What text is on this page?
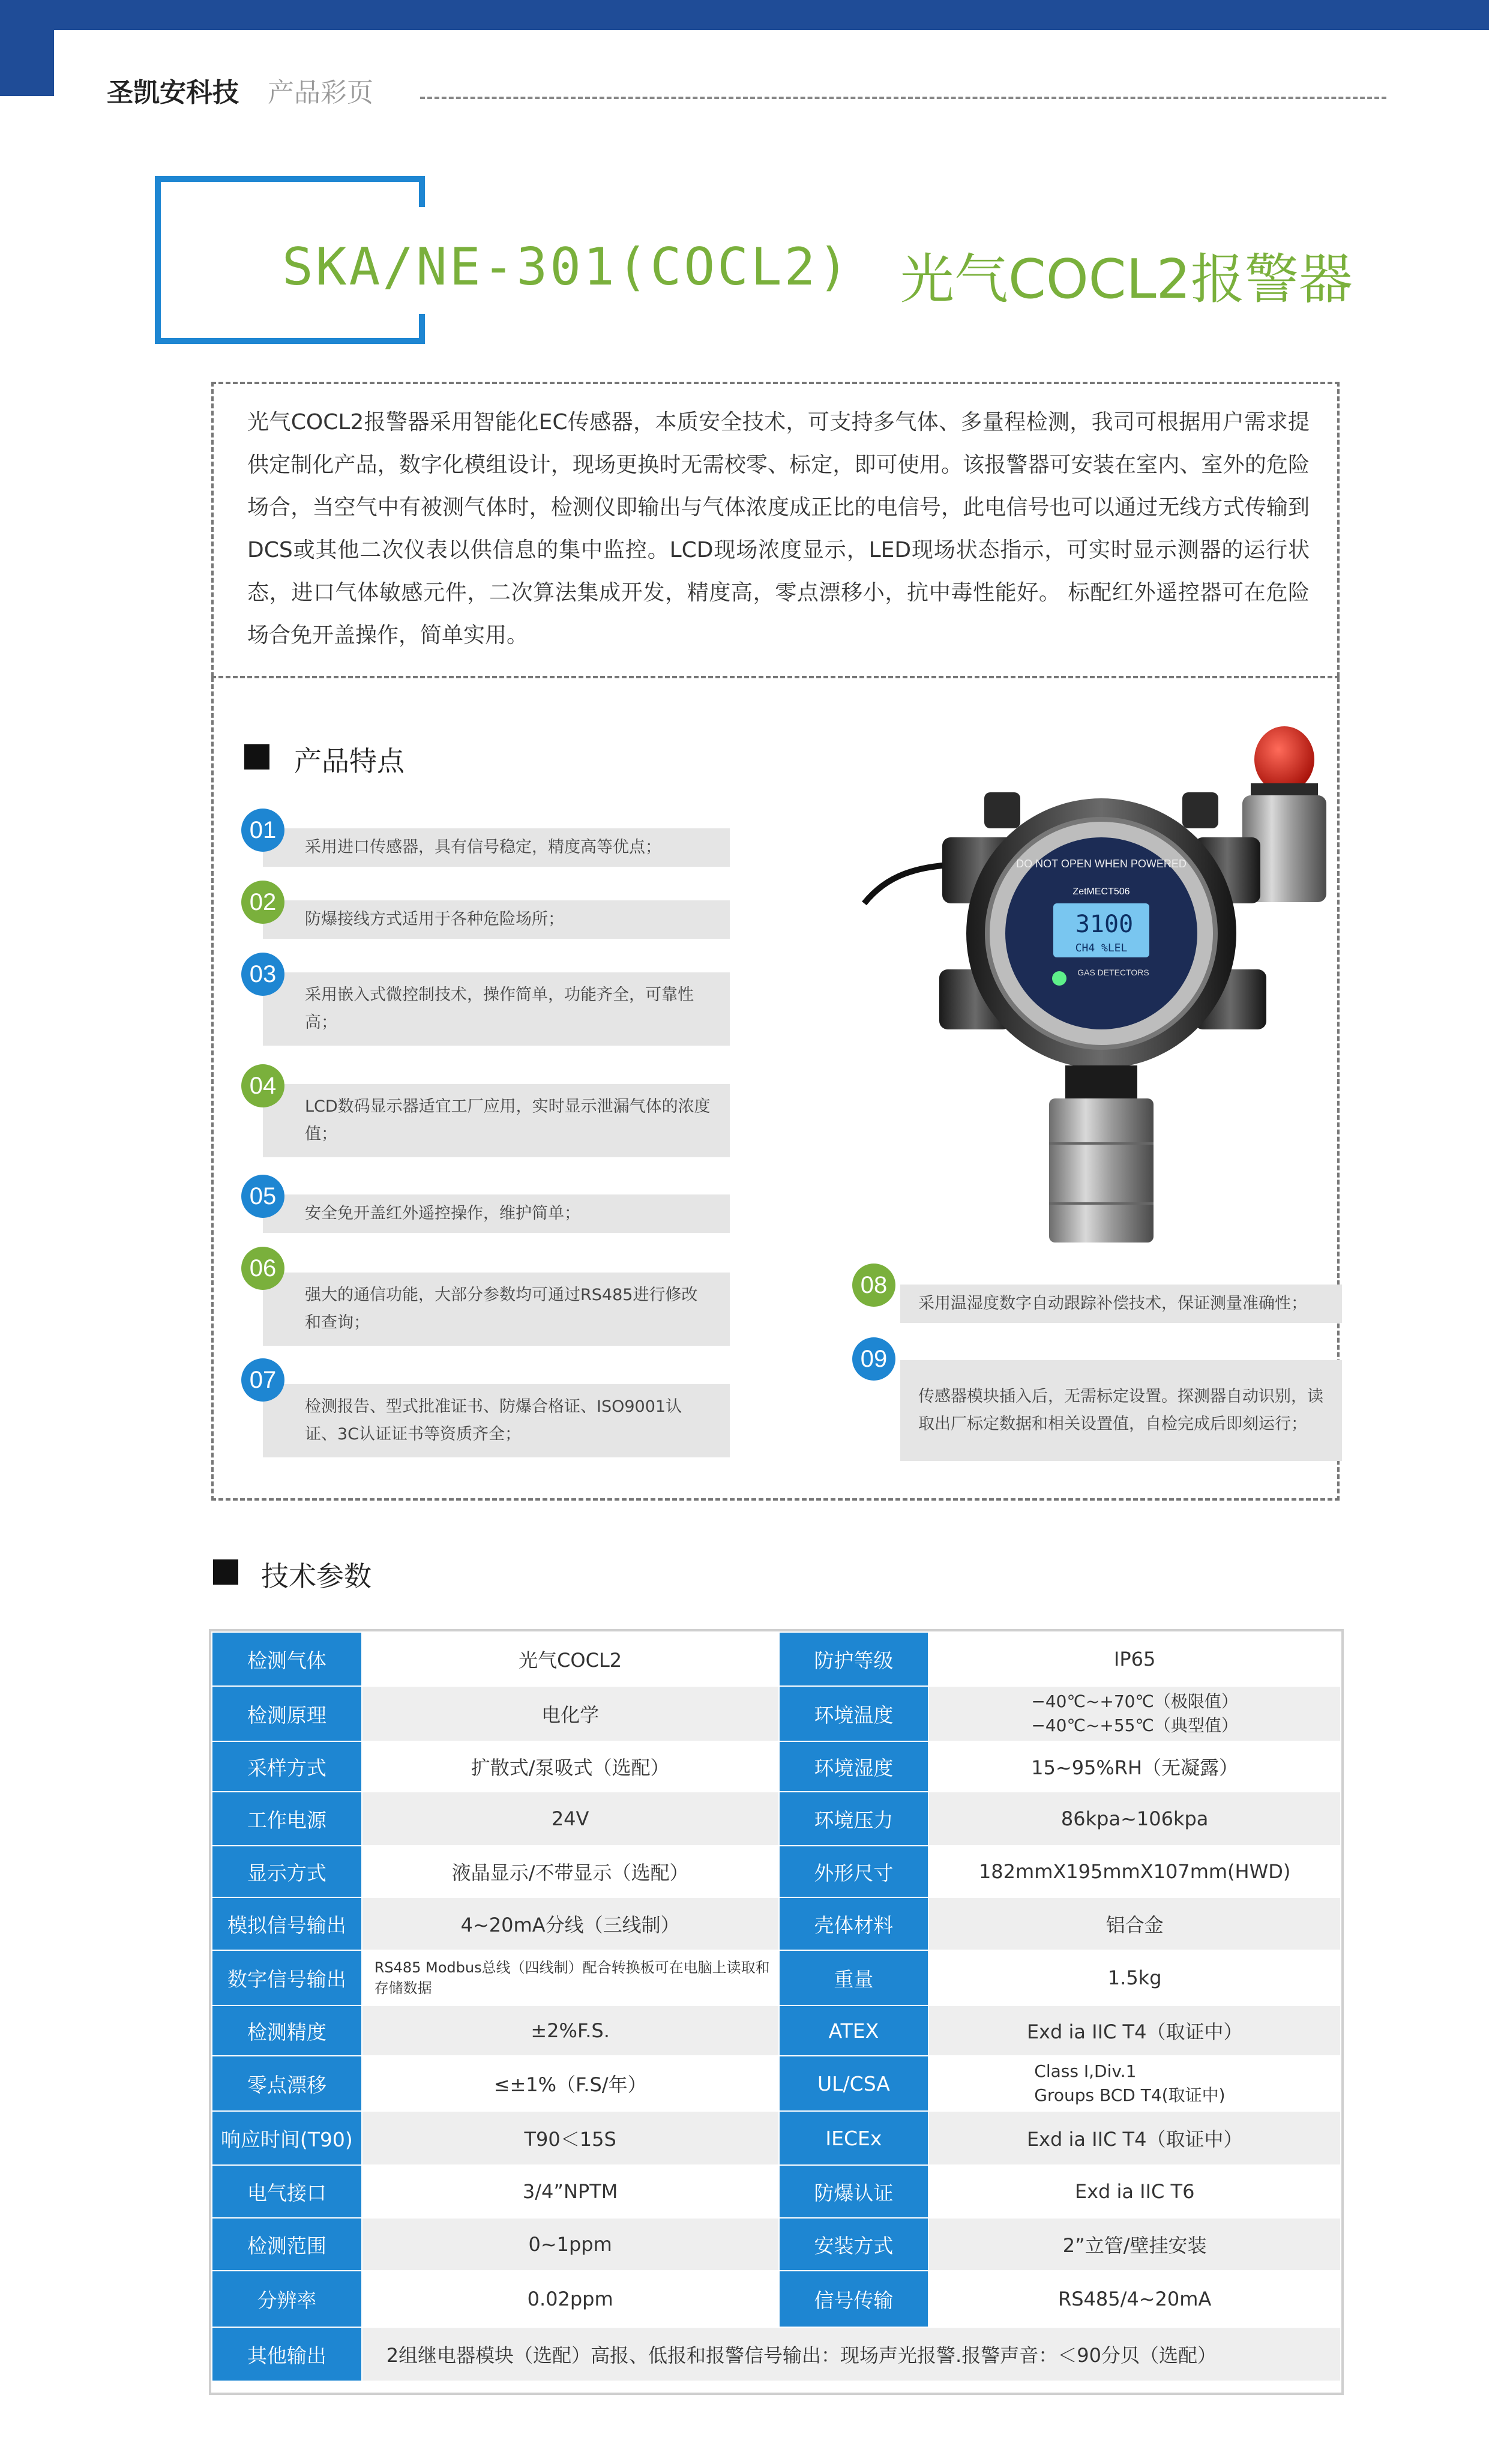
圣凯安科技 产品彩页
SKA/NE-301(COCL2) 光气COCL2报警器
光气COCL2报警器采用智能化EC传感器，本质安全技术，可支持多气体、多量程检测，我司可根据用户需求提供定制化产品，数字化模组设计，现场更换时无需校零、标定，即可使用。该报警器可安装在室内、室外的危险场合，当空气中有被测气体时，检测仪即输出与气体浓度成正比的电信号，此电信号也可以通过无线方式传输到DCS或其他二次仪表以供信息的集中监控。LCD现场浓度显示，LED现场状态指示，可实时显示测器的运行状态，进口气体敏感元件，二次算法集成开发，精度高，零点漂移小，抗中毒性能好。 标配红外遥控器可在危险场合免开盖操作，简单实用。
产品特点
采用进口传感器，具有信号稳定，精度高等优点；
01
防爆接线方式适用于各种危险场所；
02
采用嵌入式微控制技术，操作简单，功能齐全，可靠性高；
03
LCD数码显示器适宜工厂应用，实时显示泄漏气体的浓度值；
04
安全免开盖红外遥控操作，维护简单；
05
强大的通信功能，大部分参数均可通过RS485进行修改和查询；
06
检测报告、型式批准证书、防爆合格证、ISO9001认证、3C认证证书等资质齐全；
07
采用温湿度数字自动跟踪补偿技术，保证测量准确性；
08
传感器模块插入后，无需标定设置。探测器自动识别，读取出厂标定数据和相关设置值，自检完成后即刻运行；
09
DO NOT OPEN WHEN POWERED
ZetMECT506
3100
CH4 %LEL
GAS DETECTORS
技术参数
检测气体	光气COCL2	防护等级	IP65
检测原理	电化学	环境温度	−40℃~+70℃（极限值）
−40℃~+55℃（典型值）

采样方式	扩散式/泵吸式（选配）	环境湿度	15~95%RH（无凝露）
工作电源	24V	环境压力	86kpa~106kpa
显示方式	液晶显示/不带显示（选配）	外形尺寸	182mmX195mmX107mm(HWD)
模拟信号输出	4~20mA分线（三线制）	壳体材料	铝合金
数字信号输出	RS485 Modbus总线（四线制）配合转换板可在电脑上读取和存储数据	重量	1.5kg
检测精度	±2%F.S.	ATEX	Exd ia IIC T4（取证中）
零点漂移	≤±1%（F.S/年）	UL/CSA	Class I,Div.1
Groups BCD T4(取证中)

响应时间(T90)	T90＜15S	IECEx	Exd ia IIC T4（取证中）
电气接口	3/4”NPTM	防爆认证	Exd ia IIC T6
检测范围	0~1ppm	安装方式	2”立管/壁挂安装
分辨率	0.02ppm	信号传输	RS485/4~20mA
其他输出	2组继电器模块（选配）高报、低报和报警信号输出：现场声光报警.报警声音：＜90分贝（选配）		
